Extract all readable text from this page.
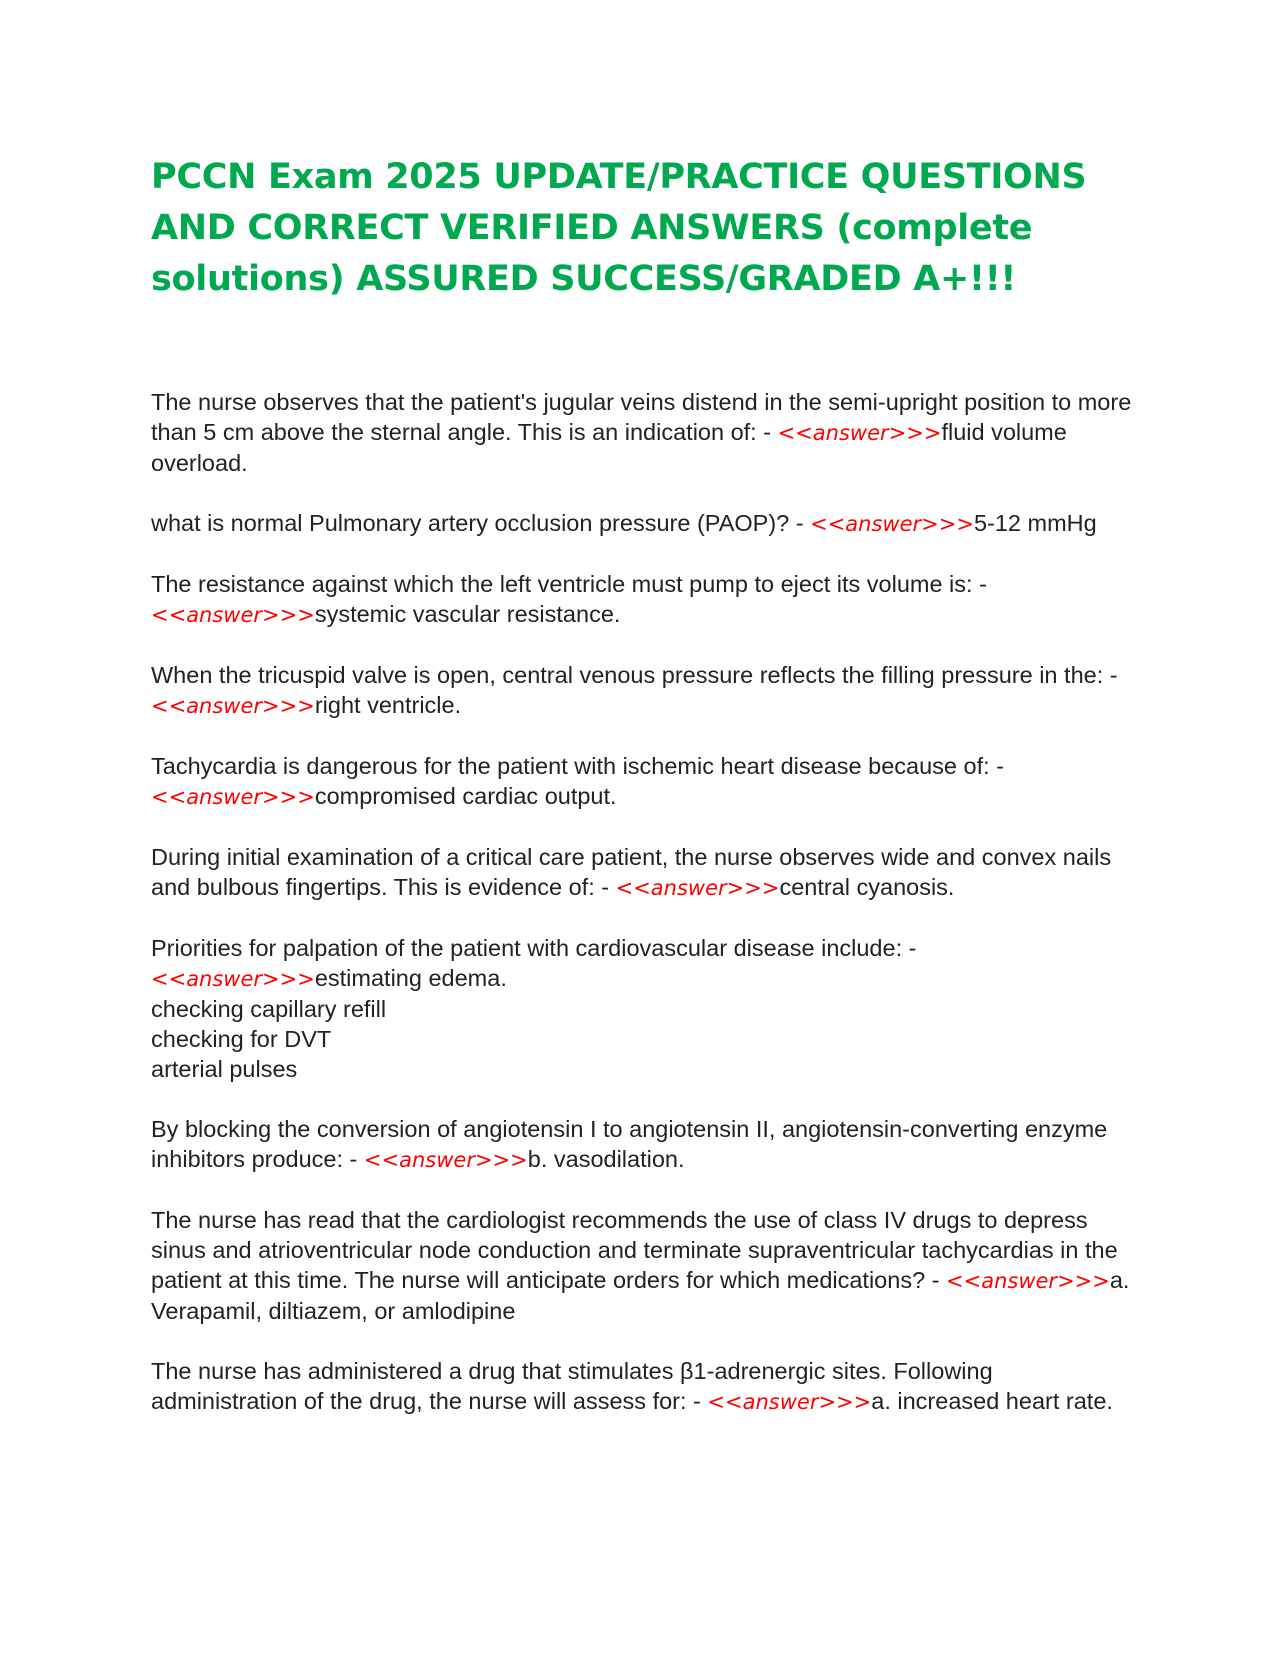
PCCN Exam 2025 UPDATE/PRACTICE QUESTIONS AND CORRECT VERIFIED ANSWERS (complete solutions) ASSURED SUCCESS/GRADED A+!!!
The nurse observes that the patient's jugular veins distend in the semi-upright position to more than 5 cm above the sternal angle. This is an indication of: - <<answer>>>fluid volume overload.
what is normal Pulmonary artery occlusion pressure (PAOP)? - <<answer>>>5-12 mmHg
The resistance against which the left ventricle must pump to eject its volume is: - <<answer>>>systemic vascular resistance.
When the tricuspid valve is open, central venous pressure reflects the filling pressure in the: - <<answer>>>right ventricle.
Tachycardia is dangerous for the patient with ischemic heart disease because of: - <<answer>>>compromised cardiac output.
During initial examination of a critical care patient, the nurse observes wide and convex nails and bulbous fingertips. This is evidence of: - <<answer>>>central cyanosis.
Priorities for palpation of the patient with cardiovascular disease include: - <<answer>>>estimating edema.
checking capillary refill
checking for DVT
arterial pulses
By blocking the conversion of angiotensin I to angiotensin II, angiotensin-converting enzyme inhibitors produce: - <<answer>>>b. vasodilation.
The nurse has read that the cardiologist recommends the use of class IV drugs to depress sinus and atrioventricular node conduction and terminate supraventricular tachycardias in the patient at this time. The nurse will anticipate orders for which medications? - <<answer>>>a. Verapamil, diltiazem, or amlodipine
The nurse has administered a drug that stimulates β1-adrenergic sites. Following administration of the drug, the nurse will assess for: - <<answer>>>a. increased heart rate.
